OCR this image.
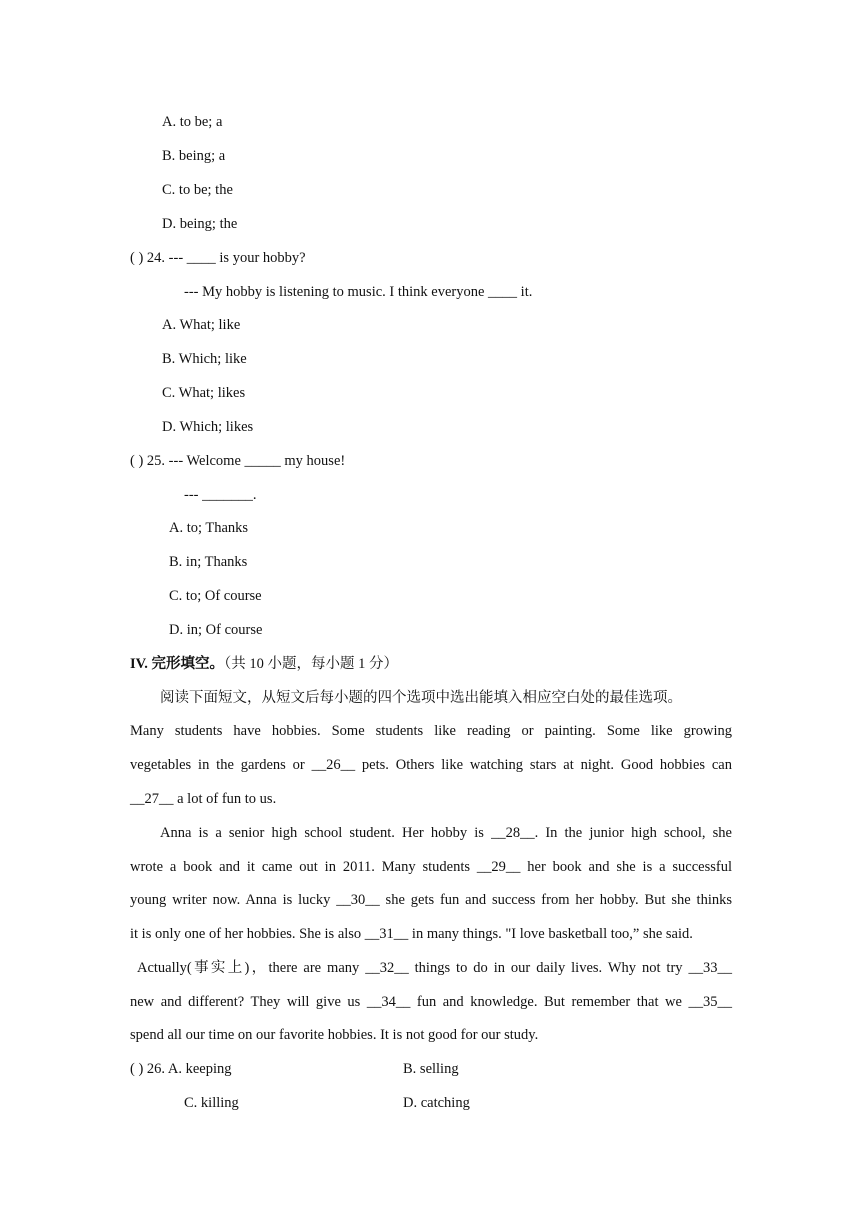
A. to be; a
B. being; a
C. to be; the
D. being; the
( ) 24. --- ____ is your hobby?
--- My hobby is listening to music. I think everyone ____ it.
A. What; like
B. Which; like
C. What; likes
D. Which; likes
( ) 25. --- Welcome _____ my house!
--- _______.
A. to; Thanks
B. in; Thanks
C. to; Of course
D. in; Of course
IV. 完形填空。（共 10 小题，每小题 1 分）
阅读下面短文，从短文后每小题的四个选项中选出能填入相应空白处的最佳选项。
Many students have hobbies. Some students like reading or painting. Some like growing
vegetables in the gardens or __26__ pets. Others like watching stars at night. Good hobbies can
__27__ a lot of fun to us.
Anna is a senior high school student. Her hobby is __28__. In the junior high school, she
wrote a book and it came out in 2011. Many students __29__ her book and she is a successful
young writer now. Anna is lucky __30__ she gets fun and success from her hobby. But she thinks
it is only one of her hobbies. She is also __31__ in many things. "I love basketball too,” she said.
Actually(事实上)，there are many __32__ things to do in our daily lives. Why not try __33__
new and different? They will give us __34__ fun and knowledge. But remember that we __35__
spend all our time on our favorite hobbies. It is not good for our study.
( ) 26. A. keeping	B. selling
C. killing	D. catching
